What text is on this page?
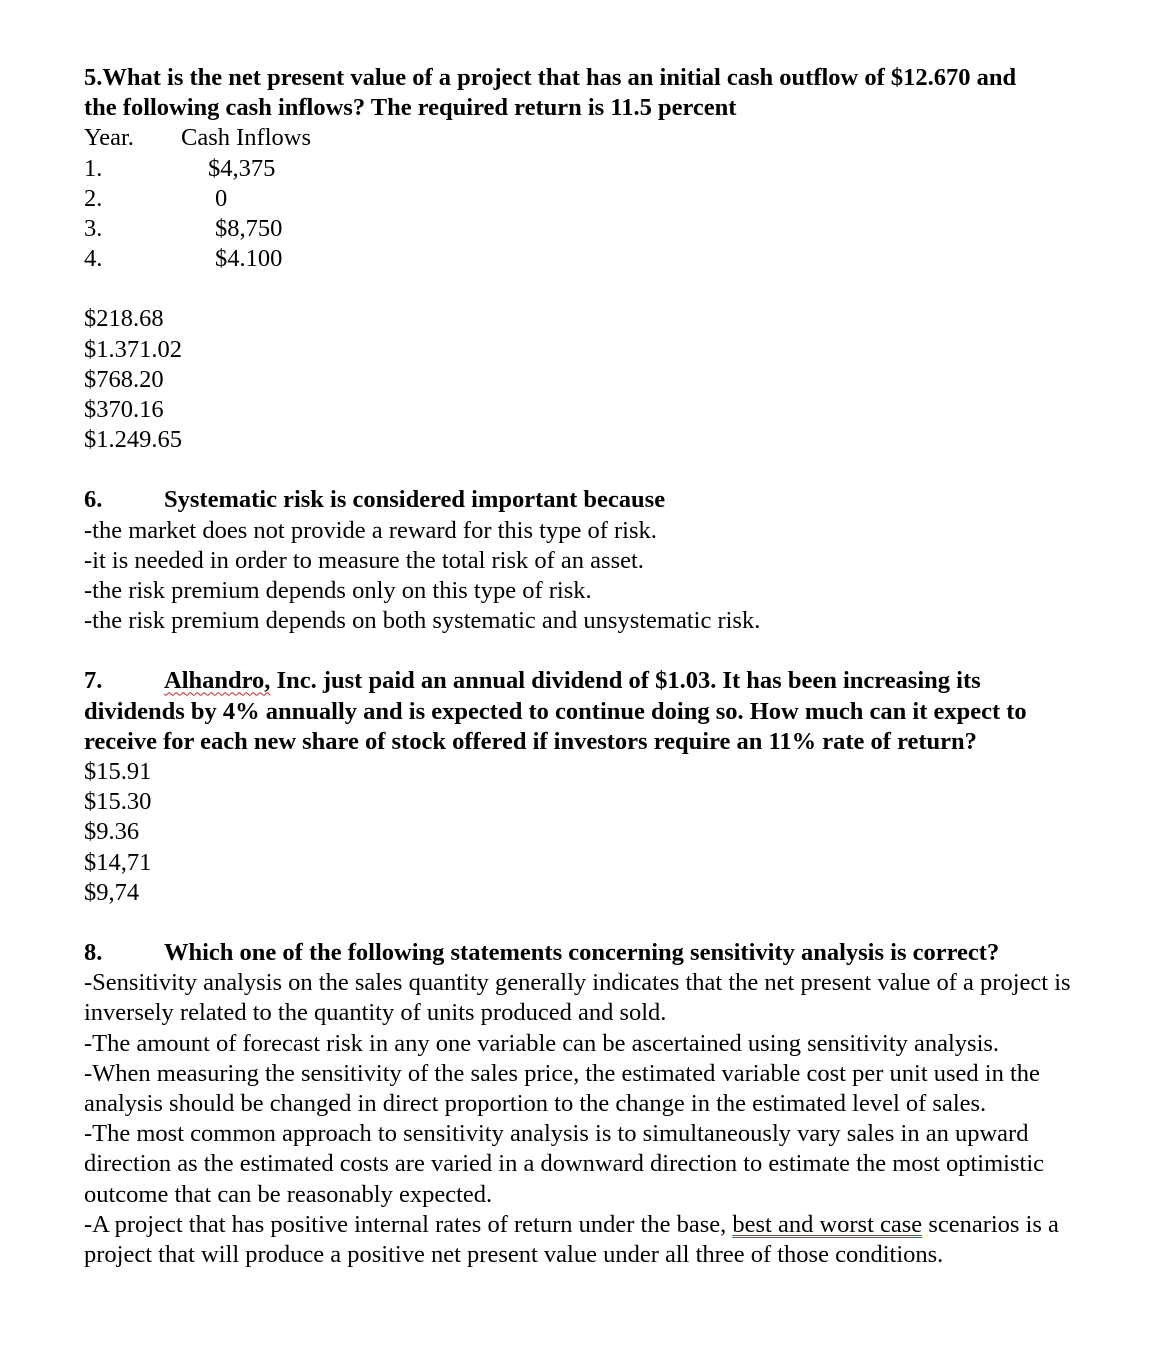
5.What is the net present value of a project that has an initial cash outflow of $12.670 and
the following cash inflows? The required return is 11.5 percent
Year. Cash Inflows
1.	$4,375
2.	0
3.	$8,750
4.	$4.100
$218.68
$1.371.02
$768.20
$370.16
$1.249.65
6.	Systematic risk is considered important because
-the market does not provide a reward for this type of risk.
-it is needed in order to measure the total risk of an asset.
-the risk premium depends only on this type of risk.
-the risk premium depends on both systematic and unsystematic risk.
7.	Alhandro, Inc. just paid an annual dividend of $1.03. It has been increasing its
dividends by 4% annually and is expected to continue doing so. How much can it expect to
receive for each new share of stock offered if investors require an 11% rate of return?
$15.91
$15.30
$9.36
$14,71
$9,74
8.	Which one of the following statements concerning sensitivity analysis is correct?
-Sensitivity analysis on the sales quantity generally indicates that the net present value of a project is inversely related to the quantity of units produced and sold.
-The amount of forecast risk in any one variable can be ascertained using sensitivity analysis.
-When measuring the sensitivity of the sales price, the estimated variable cost per unit used in the analysis should be changed in direct proportion to the change in the estimated level of sales.
-The most common approach to sensitivity analysis is to simultaneously vary sales in an upward direction as the estimated costs are varied in a downward direction to estimate the most optimistic outcome that can be reasonably expected.
-A project that has positive internal rates of return under the base, best and worst case scenarios is a project that will produce a positive net present value under all three of those conditions.
